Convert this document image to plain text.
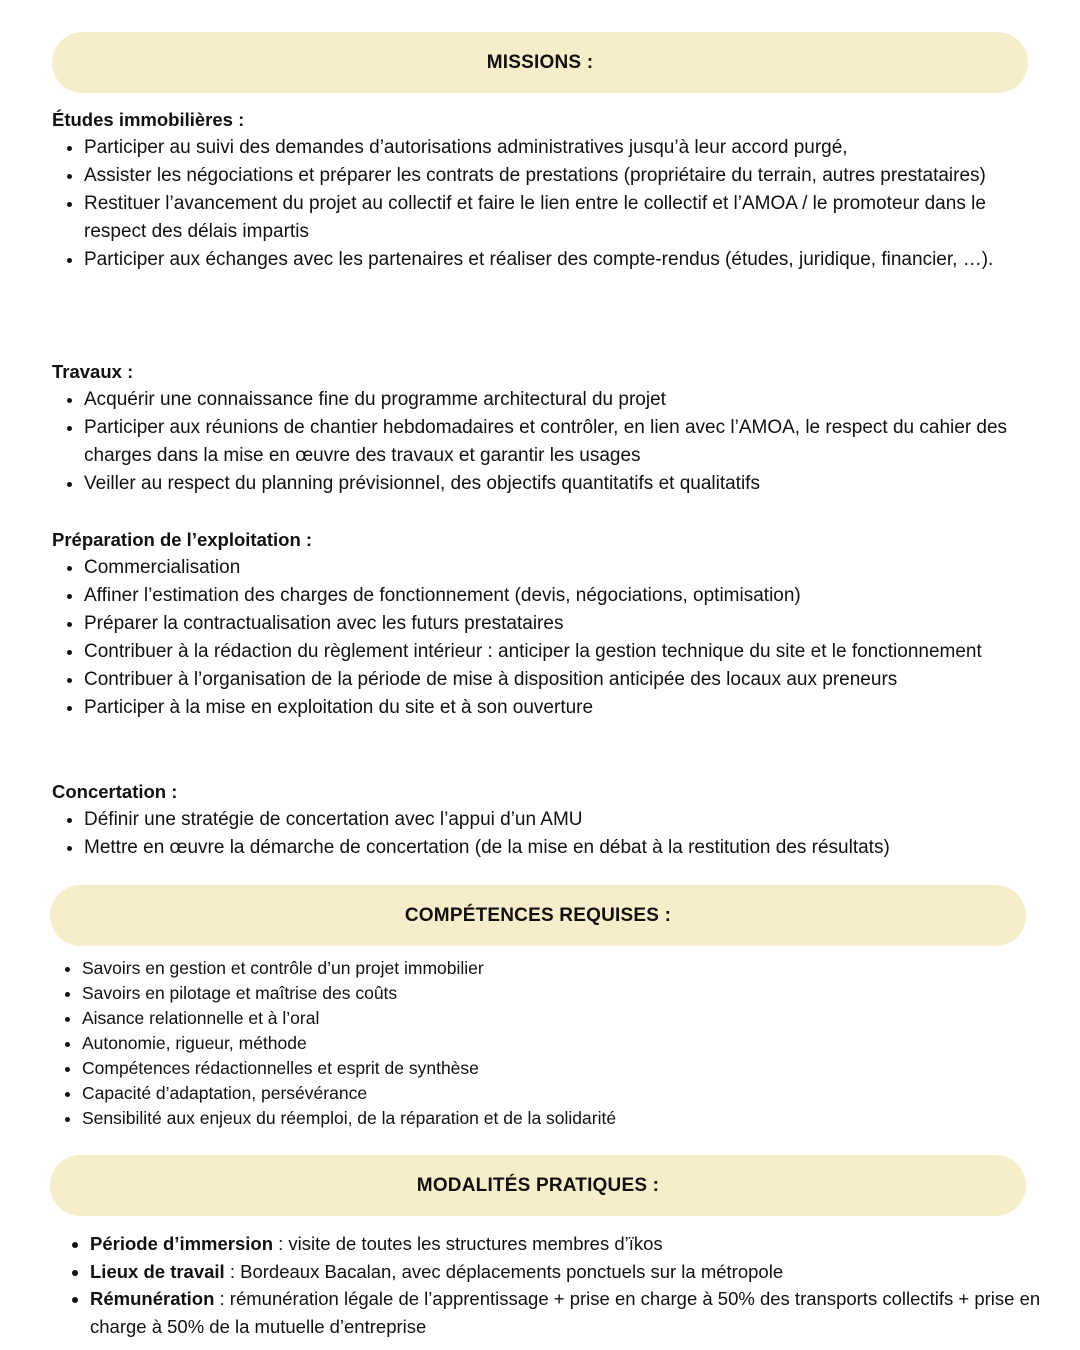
MISSIONS :
Études immobilières :
• Participer au suivi des demandes d’autorisations administratives jusqu’à leur accord purgé,
• Assister les négociations et préparer les contrats de prestations (propriétaire du terrain, autres prestataires)
• Restituer l’avancement du projet au collectif et faire le lien entre le collectif et l’AMOA / le promoteur dans le respect des délais impartis
• Participer aux échanges avec les partenaires et réaliser des compte-rendus (études, juridique, financier, …).
Travaux :
• Acquérir une connaissance fine du programme architectural du projet
• Participer aux réunions de chantier hebdomadaires et contrôler, en lien avec l’AMOA, le respect du cahier des charges dans la mise en œuvre des travaux et garantir les usages
• Veiller au respect du planning prévisionnel, des objectifs quantitatifs et qualitatifs
Préparation de l’exploitation :
• Commercialisation
• Affiner l’estimation des charges de fonctionnement (devis, négociations, optimisation)
• Préparer la contractualisation avec les futurs prestataires
• Contribuer à la rédaction du règlement intérieur : anticiper la gestion technique du site et le fonctionnement
• Contribuer à l’organisation de la période de mise à disposition anticipée des locaux aux preneurs
• Participer à la mise en exploitation du site et à son ouverture
Concertation :
• Définir une stratégie de concertation avec l’appui d’un AMU
• Mettre en œuvre la démarche de concertation (de la mise en débat à la restitution des résultats)
COMPÉTENCES REQUISES :
• Savoirs en gestion et contrôle d’un projet immobilier
• Savoirs en pilotage et maîtrise des coûts
• Aisance relationnelle et à l’oral
• Autonomie, rigueur, méthode
• Compétences rédactionnelles et esprit de synthèse
• Capacité d’adaptation, persévérance
• Sensibilité aux enjeux du réemploi, de la réparation et de la solidarité
MODALITÉS PRATIQUES :
• Période d’immersion : visite de toutes les structures membres d’ïkos
• Lieux de travail : Bordeaux Bacalan, avec déplacements ponctuels sur la métropole
• Rémunération : rémunération légale de l’apprentissage + prise en charge à 50% des transports collectifs + prise en charge à 50% de la mutuelle d’entreprise
